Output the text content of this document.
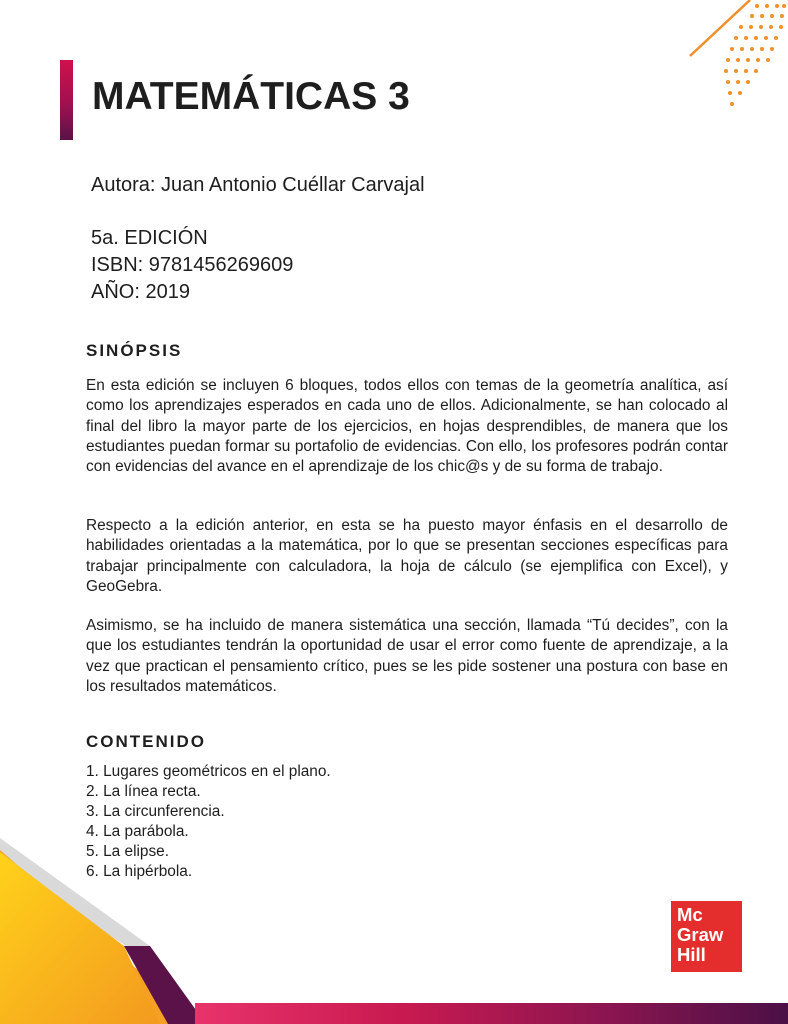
MATEMÁTICAS 3
Autora: Juan Antonio Cuéllar Carvajal
5a. EDICIÓN
ISBN: 9781456269609
AÑO: 2019
SINÓPSIS

En esta edición se incluyen 6 bloques, todos ellos con temas de la geometría analítica, así como los aprendizajes esperados en cada uno de ellos. Adicionalmente, se han colocado al final del libro la mayor parte de los ejercicios, en hojas desprendibles, de manera que los estudiantes puedan formar su portafolio de evidencias. Con ello, los profesores podrán contar con evidencias del avance en el aprendizaje de los chic@s y de su forma de trabajo.

Respecto a la edición anterior, en esta se ha puesto mayor énfasis en el desarrollo de habilidades orientadas a la matemática, por lo que se presentan secciones específicas para trabajar principalmente con calculadora, la hoja de cálculo (se ejemplifica con Excel), y GeoGebra.

Asimismo, se ha incluido de manera sistemática una sección, llamada “Tú decides”, con la que los estudiantes tendrán la oportunidad de usar el error como fuente de aprendizaje, a la vez que practican el pensamiento crítico, pues se les pide sostener una postura con base en los resultados matemáticos.

CONTENIDO
1. Lugares geométricos en el plano.
2. La línea recta.
3. La circunferencia.
4. La parábola.
5. La elipse.
6. La hipérbola.
Mc
Graw
Hill
